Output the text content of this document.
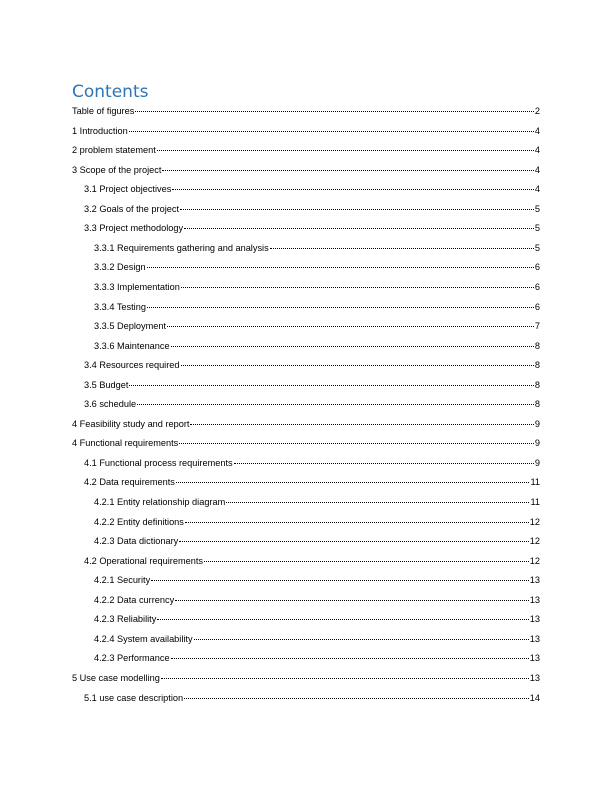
Contents
Table of figures	2
1 Introduction	4
2 problem statement	4
3 Scope of the project	4
3.1 Project objectives	4
3.2 Goals of the project	5
3.3 Project methodology	5
3.3.1 Requirements gathering and analysis	5
3.3.2 Design	6
3.3.3 Implementation	6
3.3.4 Testing	6
3.3.5 Deployment	7
3.3.6 Maintenance	8
3.4 Resources required	8
3.5 Budget	8
3.6 schedule	8
4 Feasibility study and report	9
4 Functional requirements	9
4.1 Functional process requirements	9
4.2 Data requirements	11
4.2.1 Entity relationship diagram	11
4.2.2 Entity definitions	12
4.2.3 Data dictionary	12
4.2 Operational requirements	12
4.2.1 Security	13
4.2.2 Data currency	13
4.2.3 Reliability	13
4.2.4 System availability	13
4.2.3 Performance	13
5 Use case modelling	13
5.1 use case description	14
